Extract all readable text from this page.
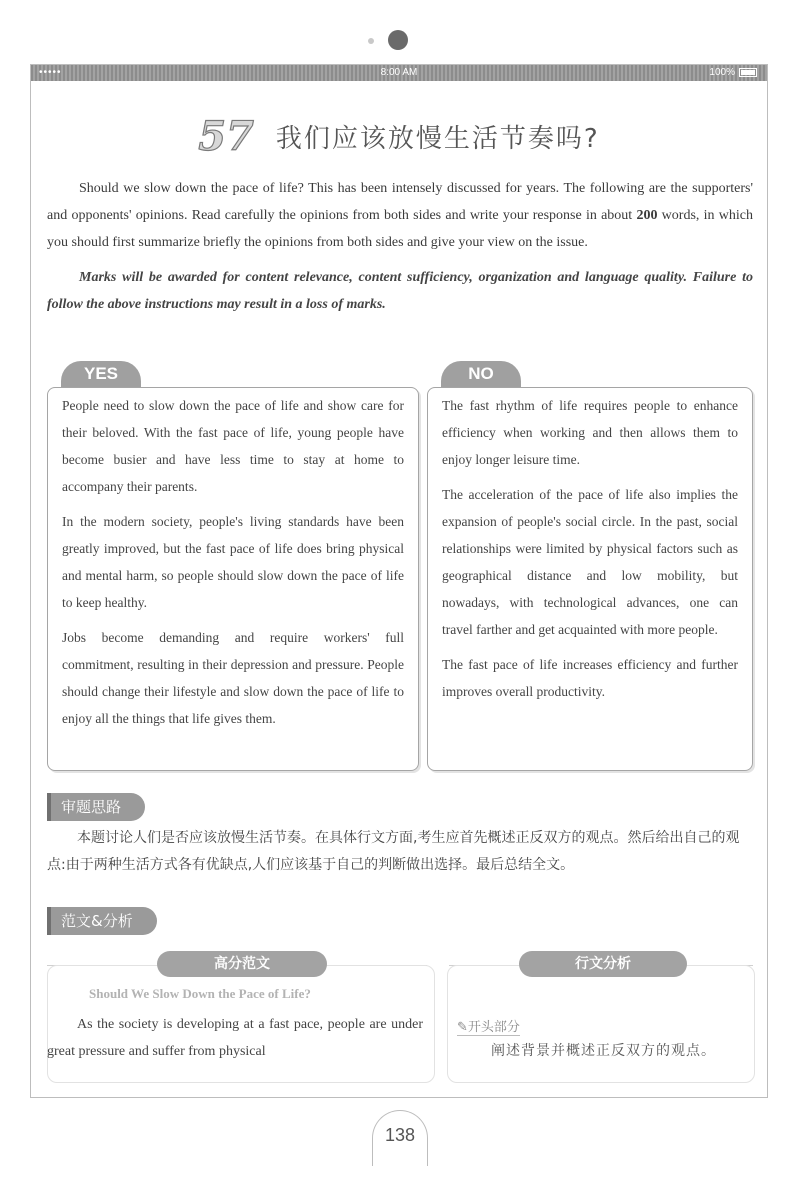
•••••	8:00 AM	100%
57 我们应该放慢生活节奏吗?

Should we slow down the pace of life? This has been intensely discussed for years. The following are the supporters' and opponents' opinions. Read carefully the opinions from both sides and write your response in about 200 words, in which you should first summarize briefly the opinions from both sides and give your view on the issue.

Marks will be awarded for content relevance, content sufficiency, organization and language quality. Failure to follow the above instructions may result in a loss of marks.

YES

People need to slow down the pace of life and show care for their beloved. With the fast pace of life, young people have become busier and have less time to stay at home to accompany their parents.

In the modern society, people's living standards have been greatly improved, but the fast pace of life does bring physical and mental harm, so people should slow down the pace of life to keep healthy.

Jobs become demanding and require workers' full commitment, resulting in their depression and pressure. People should change their lifestyle and slow down the pace of life to enjoy all the things that life gives them.

NO

The fast rhythm of life requires people to enhance efficiency when working and then allows them to enjoy longer leisure time.

The acceleration of the pace of life also implies the expansion of people's social circle. In the past, social relationships were limited by physical factors such as geographical distance and low mobility, but nowadays, with technological advances, one can travel farther and get acquainted with more people.

The fast pace of life increases efficiency and further improves overall productivity.

审题思路

本题讨论人们是否应该放慢生活节奏。在具体行文方面,考生应首先概述正反双方的观点。然后给出自己的观点:由于两种生活方式各有优缺点,人们应该基于自己的判断做出选择。最后总结全文。

范文&分析
高分范文	行文分析
Should We Slow Down the Pace of Life?

As the society is developing at a fast pace, people are under great pressure and suffer from physical

✎开头部分
阐述背景并概述正反双方的观点。
138
